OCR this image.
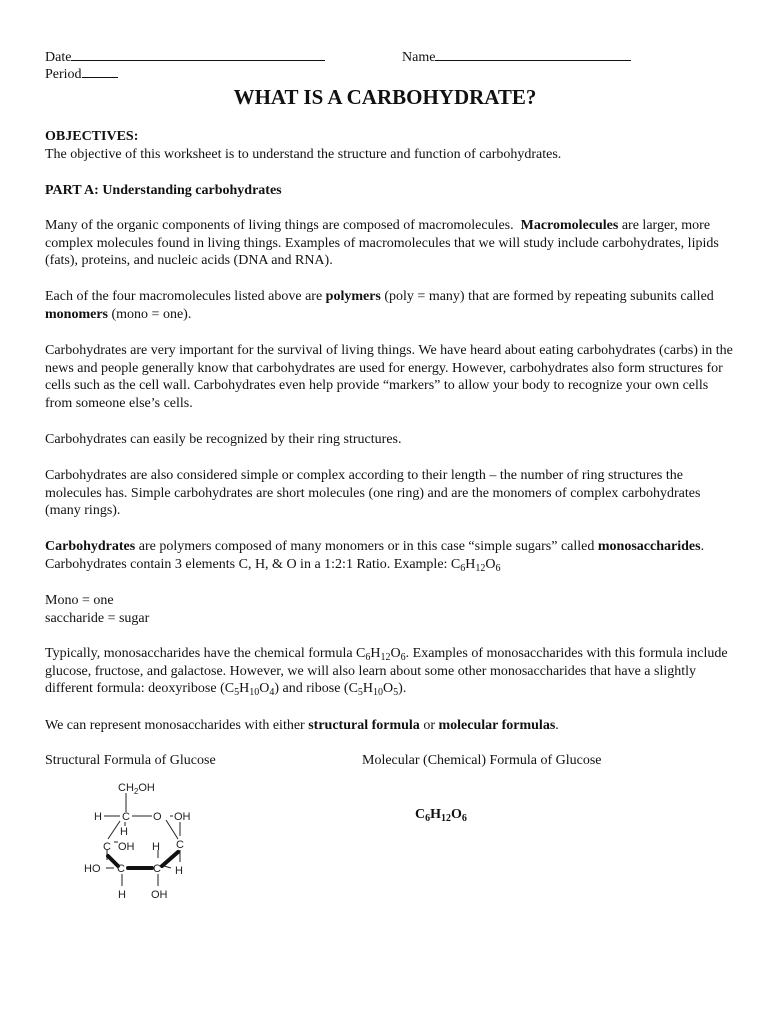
Date	Name
Period
WHAT IS A CARBOHYDRATE?

OBJECTIVES:

The objective of this worksheet is to understand the structure and function of carbohydrates.

PART A: Understanding carbohydrates

Many of the organic components of living things are composed of macromolecules. Macromolecules are larger, more complex molecules found in living things. Examples of macromolecules that we will study include carbohydrates, lipids (fats), proteins, and nucleic acids (DNA and RNA).

Each of the four macromolecules listed above are polymers (poly = many) that are formed by repeating subunits called monomers (mono = one).

Carbohydrates are very important for the survival of living things. We have heard about eating carbohydrates (carbs) in the news and people generally know that carbohydrates are used for energy. However, carbohydrates also form structures for cells such as the cell wall. Carbohydrates even help provide “markers” to allow your body to recognize your own cells from someone else’s cells.

Carbohydrates can easily be recognized by their ring structures.

Carbohydrates are also considered simple or complex according to their length – the number of ring structures the molecules has. Simple carbohydrates are short molecules (one ring) and are the monomers of complex carbohydrates (many rings).

Carbohydrates are polymers composed of many monomers or in this case “simple sugars” called monosaccharides. Carbohydrates contain 3 elements C, H, & O in a 1:2:1 Ratio. Example: $C_6H_{12}O_6$

Mono = one

saccharide = sugar

Typically, monosaccharides have the chemical formula $C_6H_{12}O_6$. Examples of monosaccharides with this formula include glucose, fructose, and galactose. However, we will also learn about some other monosaccharides that have a slightly different formula: deoxyribose $(C_5H_{10}O_4)$ and ribose $(C_5H_{10}O_5)$.

We can represent monosaccharides with either structural formula or molecular formulas.

Structural Formula of Glucose	Molecular (Chemical) Formula of Glucose
$CH_2OH$
H C O OH
H
C OH H C
HO C	C H
H OH
$C_6H_{12}O_6$
